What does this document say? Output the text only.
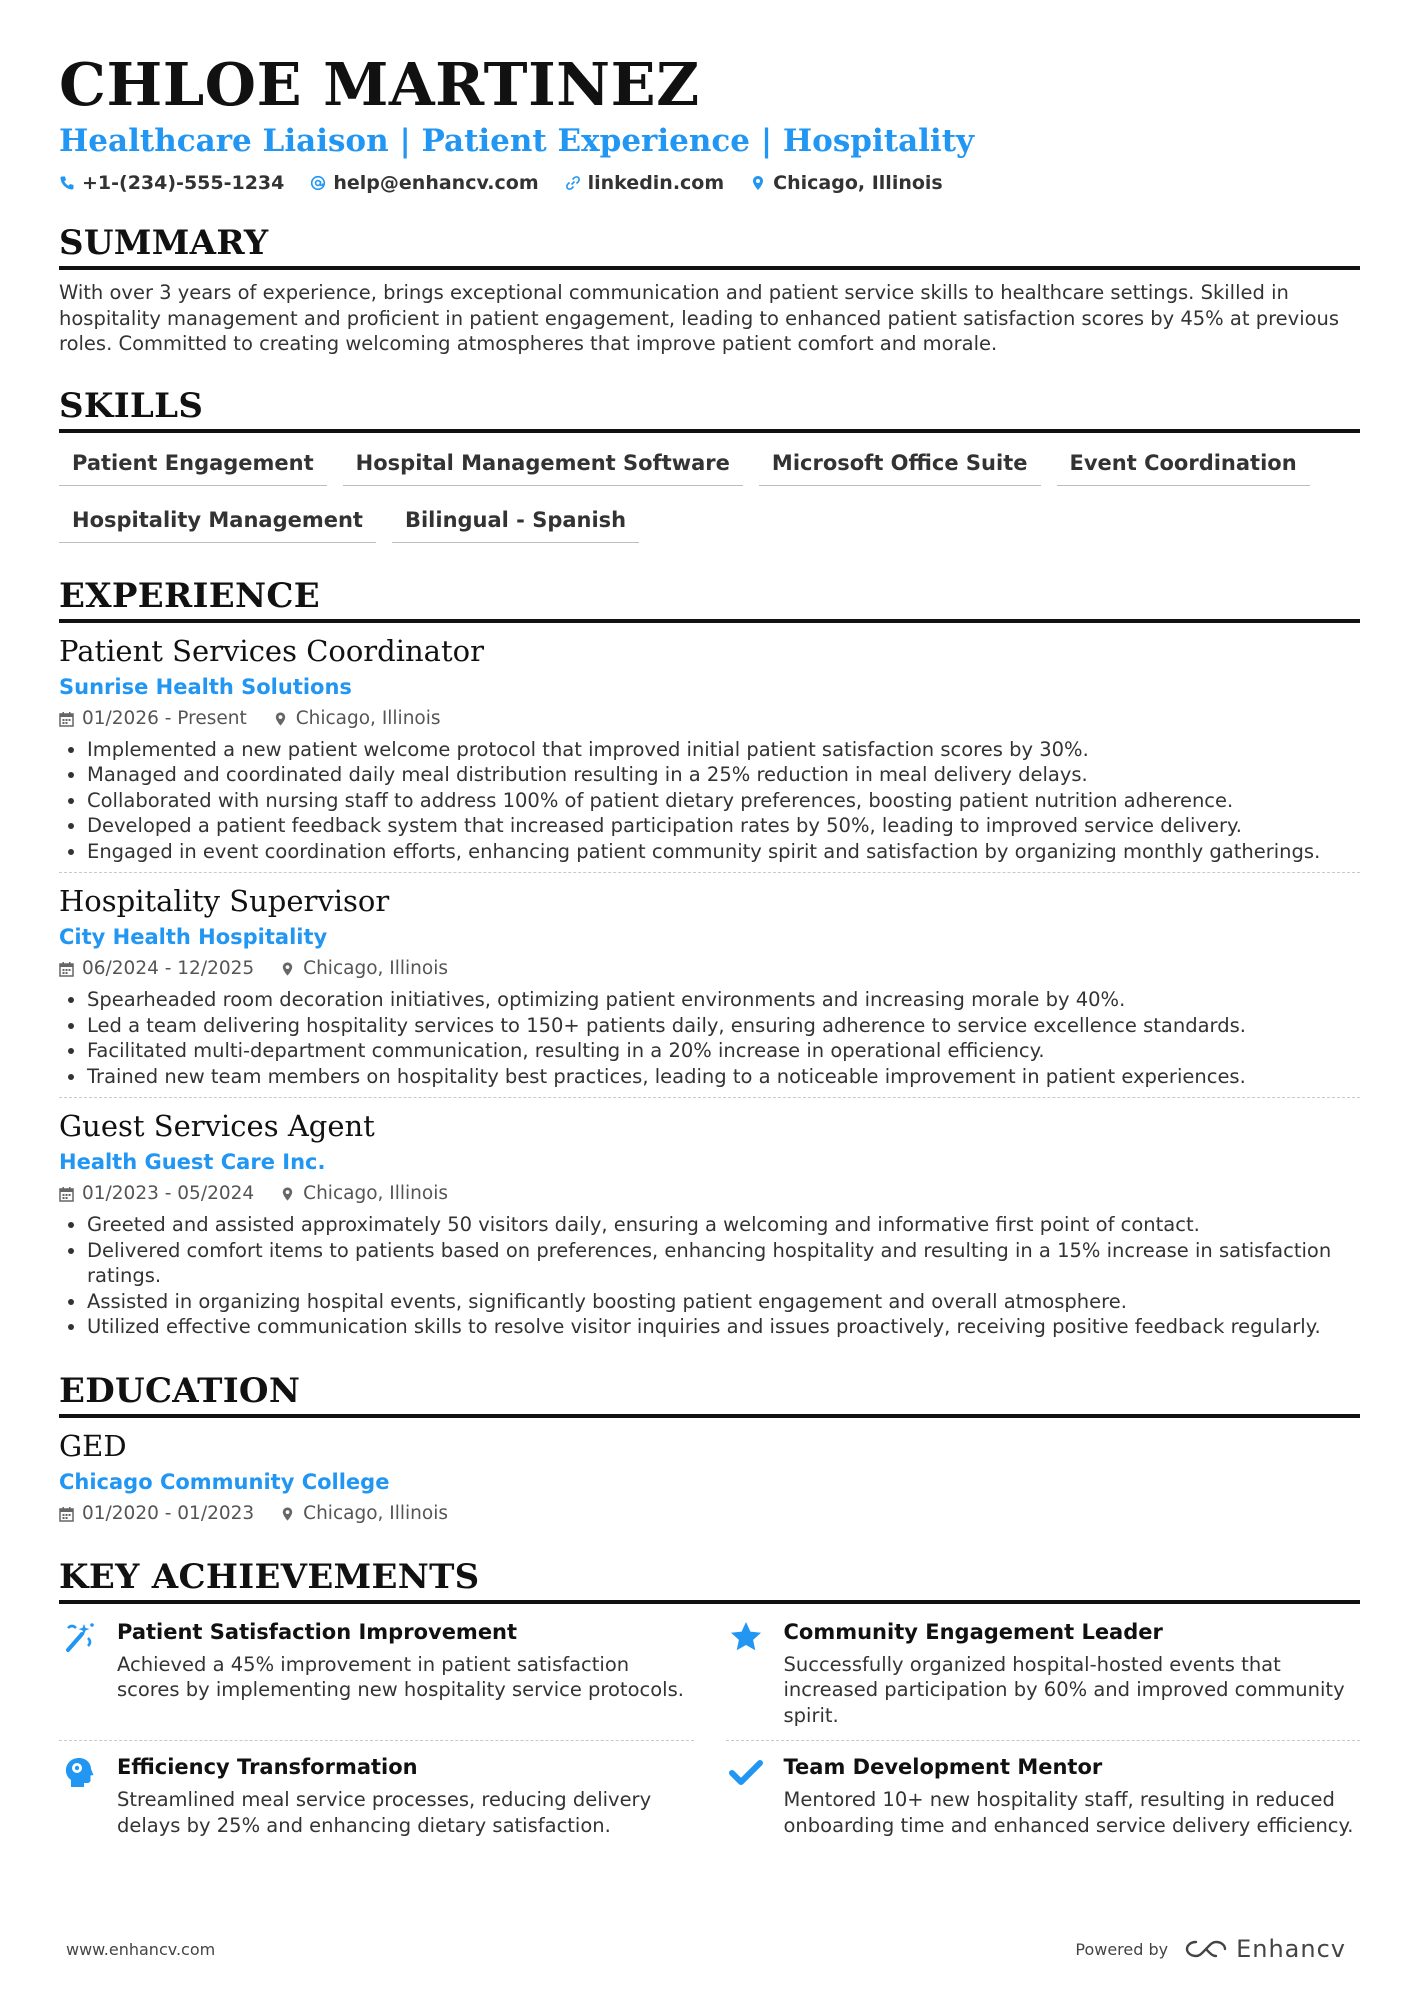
CHLOE MARTINEZ
Healthcare Liaison | Patient Experience | Hospitality
+1-(234)-555-1234	help@enhancv.com	linkedin.com	Chicago, Illinois
SUMMARY
With over 3 years of experience, brings exceptional communication and patient service skills to healthcare settings. Skilled in hospitality management and proficient in patient engagement, leading to enhanced patient satisfaction scores by 45% at previous roles. Committed to creating welcoming atmospheres that improve patient comfort and morale.
SKILLS
Patient Engagement	Hospital Management Software	Microsoft Office Suite	Event Coordination
Hospitality Management	Bilingual - Spanish
EXPERIENCE
Patient Services Coordinator
Sunrise Health Solutions
01/2026 - Present	Chicago, Illinois
• Implemented a new patient welcome protocol that improved initial patient satisfaction scores by 30%.
• Managed and coordinated daily meal distribution resulting in a 25% reduction in meal delivery delays.
• Collaborated with nursing staff to address 100% of patient dietary preferences, boosting patient nutrition adherence.
• Developed a patient feedback system that increased participation rates by 50%, leading to improved service delivery.
• Engaged in event coordination efforts, enhancing patient community spirit and satisfaction by organizing monthly gatherings.
Hospitality Supervisor
City Health Hospitality
06/2024 - 12/2025	Chicago, Illinois
• Spearheaded room decoration initiatives, optimizing patient environments and increasing morale by 40%.
• Led a team delivering hospitality services to 150+ patients daily, ensuring adherence to service excellence standards.
• Facilitated multi-department communication, resulting in a 20% increase in operational efficiency.
• Trained new team members on hospitality best practices, leading to a noticeable improvement in patient experiences.
Guest Services Agent
Health Guest Care Inc.
01/2023 - 05/2024	Chicago, Illinois
• Greeted and assisted approximately 50 visitors daily, ensuring a welcoming and informative first point of contact.
• Delivered comfort items to patients based on preferences, enhancing hospitality and resulting in a 15% increase in satisfaction ratings.
• Assisted in organizing hospital events, significantly boosting patient engagement and overall atmosphere.
• Utilized effective communication skills to resolve visitor inquiries and issues proactively, receiving positive feedback regularly.
EDUCATION
GED
Chicago Community College
01/2020 - 01/2023	Chicago, Illinois
KEY ACHIEVEMENTS
Patient Satisfaction Improvement
Achieved a 45% improvement in patient satisfaction scores by implementing new hospitality service protocols.
Community Engagement Leader
Successfully organized hospital-hosted events that increased participation by 60% and improved community spirit.
Efficiency Transformation
Streamlined meal service processes, reducing delivery delays by 25% and enhancing dietary satisfaction.
Team Development Mentor
Mentored 10+ new hospitality staff, resulting in reduced onboarding time and enhanced service delivery efficiency.
www.enhancv.com	Powered by	Enhancv
